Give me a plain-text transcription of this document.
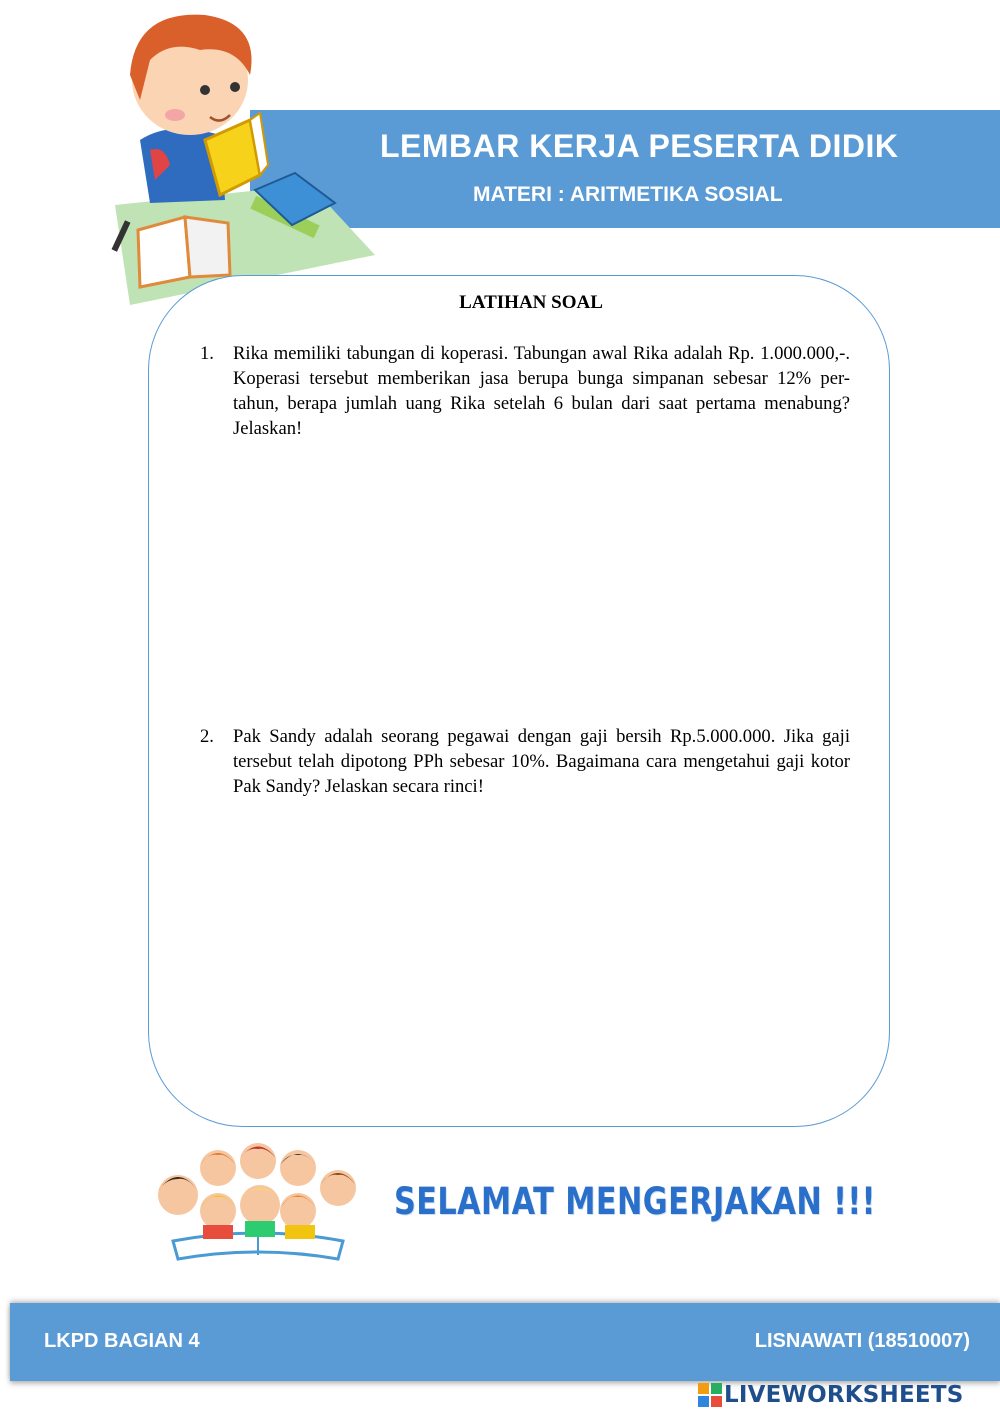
LEMBAR KERJA PESERTA DIDIK
MATERI : ARITMETIKA SOSIAL
LATIHAN SOAL
1.	Rika memiliki tabungan di koperasi. Tabungan awal Rika adalah Rp. 1.000.000,-. Koperasi tersebut memberikan jasa berupa bunga simpanan sebesar 12% per-tahun, berapa jumlah uang Rika setelah 6 bulan dari saat pertama menabung? Jelaskan!
2.	Pak Sandy adalah seorang pegawai dengan gaji bersih Rp.5.000.000. Jika gaji tersebut telah dipotong PPh sebesar 10%. Bagaimana cara mengetahui gaji kotor Pak Sandy? Jelaskan secara rinci!
SELAMAT MENGERJAKAN !!!
LKPD BAGIAN 4	LISNAWATI (18510007)
LIVEWORKSHEETS
